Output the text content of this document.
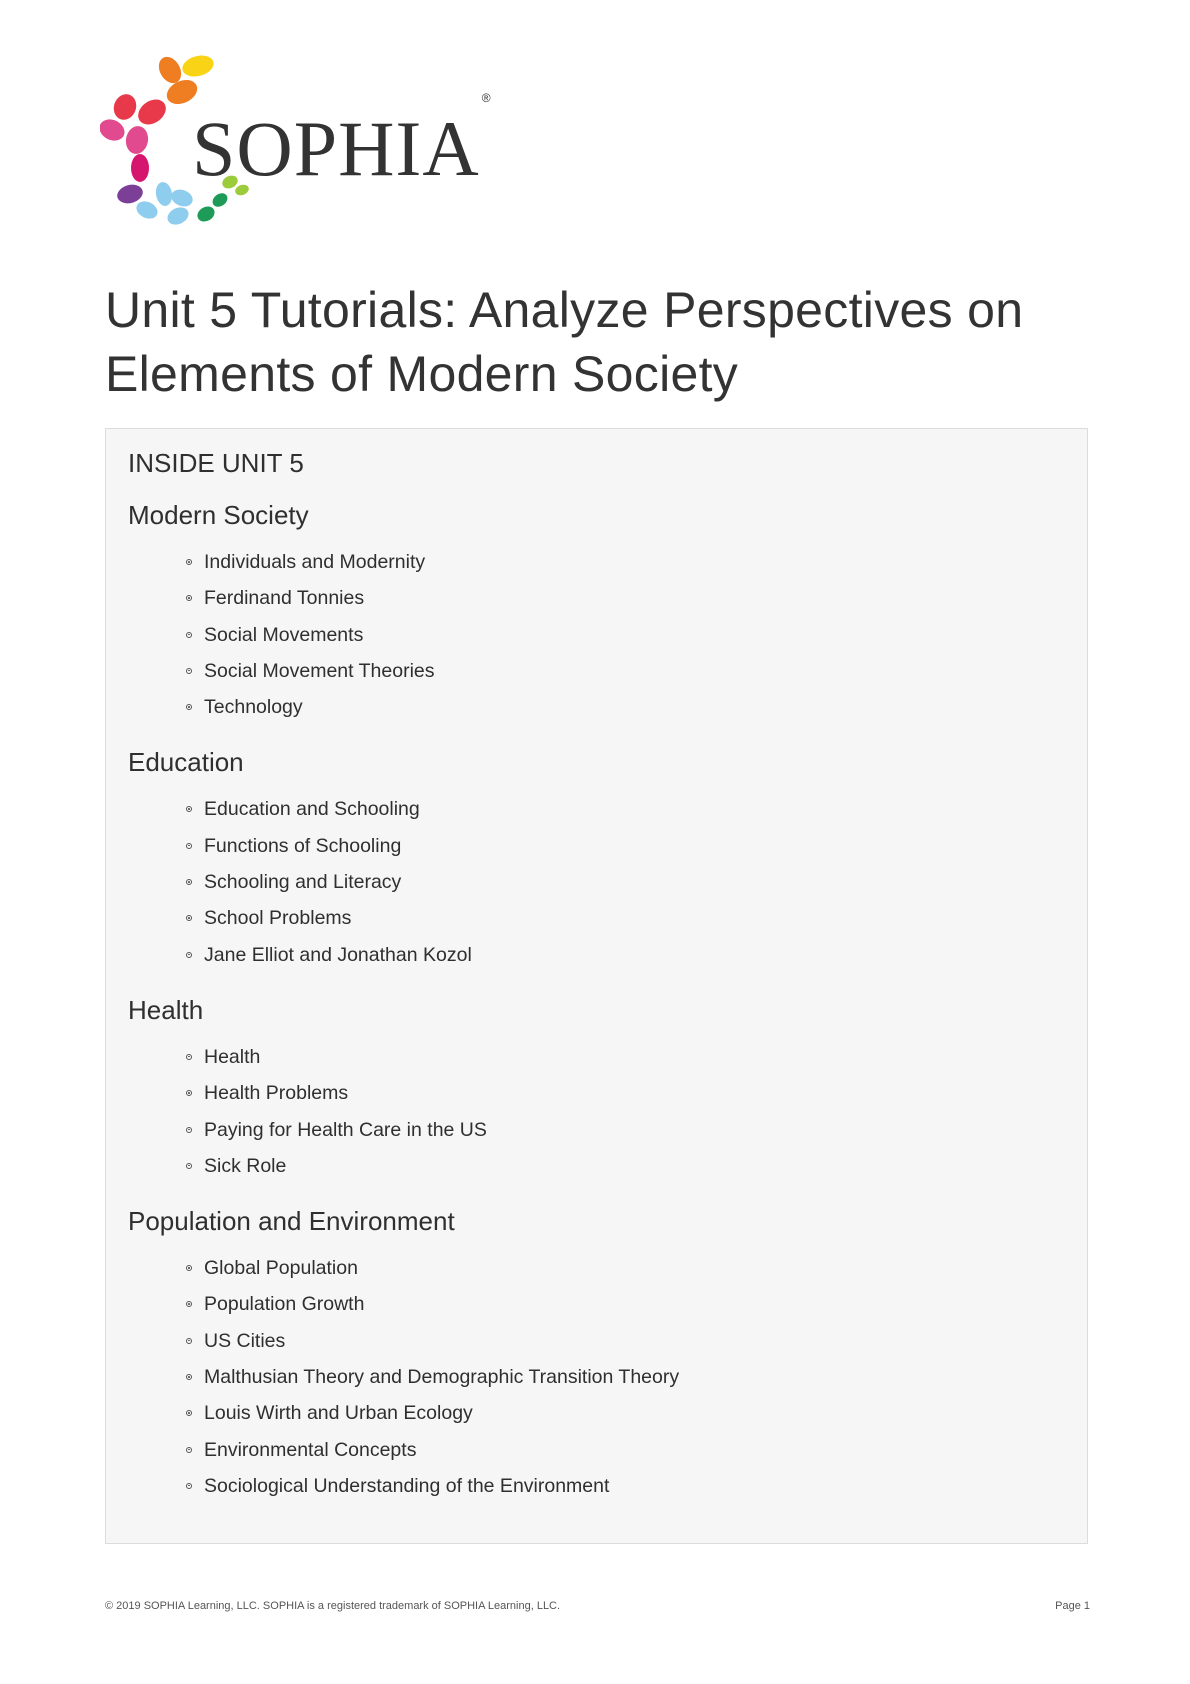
SOPHIA®
Unit 5 Tutorials: Analyze Perspectives on Elements of Modern Society
INSIDE UNIT 5
Modern Society
Individuals and Modernity
Ferdinand Tonnies
Social Movements
Social Movement Theories
Technology
Education
Education and Schooling
Functions of Schooling
Schooling and Literacy
School Problems
Jane Elliot and Jonathan Kozol
Health
Health
Health Problems
Paying for Health Care in the US
Sick Role
Population and Environment
Global Population
Population Growth
US Cities
Malthusian Theory and Demographic Transition Theory
Louis Wirth and Urban Ecology
Environmental Concepts
Sociological Understanding of the Environment
© 2019 SOPHIA Learning, LLC. SOPHIA is a registered trademark of SOPHIA Learning, LLC.	Page 1
